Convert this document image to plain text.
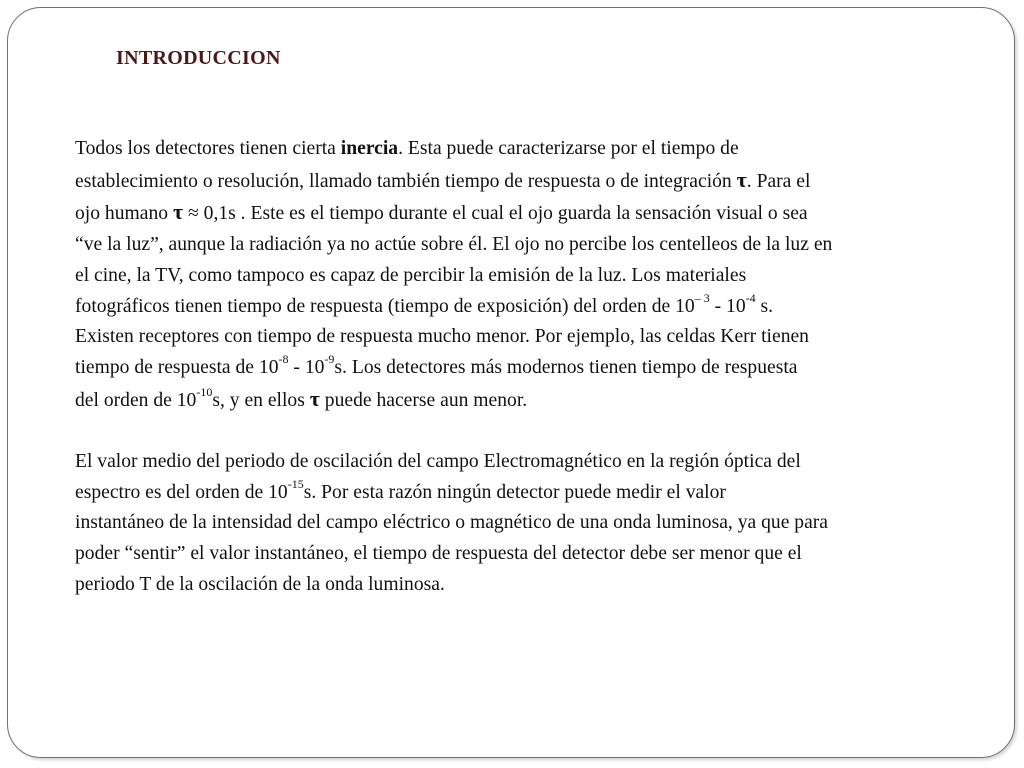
INTRODUCCION
Todos los detectores tienen cierta inercia. Esta puede caracterizarse por el tiempo de
establecimiento o resolución, llamado también tiempo de respuesta o de integración τ. Para el
ojo humano τ ≈ 0,1s . Este es el tiempo durante el cual el ojo guarda la sensación visual o sea
“ve la luz”, aunque la radiación ya no actúe sobre él. El ojo no percibe los centelleos de la luz en
el cine, la TV, como tampoco es capaz de percibir la emisión de la luz. Los materiales
fotográficos tienen tiempo de respuesta (tiempo de exposición) del orden de $10^{- 3} - 10^{-4}$ s.
Existen receptores con tiempo de respuesta mucho menor. Por ejemplo, las celdas Kerr tienen
tiempo de respuesta de $10^{-8} - 10^{-9}s$. Los detectores más modernos tienen tiempo de respuesta
del orden de $10^{-10}s$, y en ellos τ puede hacerse aun menor.
El valor medio del periodo de oscilación del campo Electromagnético en la región óptica del
espectro es del orden de $10^{-15}s$. Por esta razón ningún detector puede medir el valor
instantáneo de la intensidad del campo eléctrico o magnético de una onda luminosa, ya que para
poder “sentir” el valor instantáneo, el tiempo de respuesta del detector debe ser menor que el
periodo T de la oscilación de la onda luminosa.
